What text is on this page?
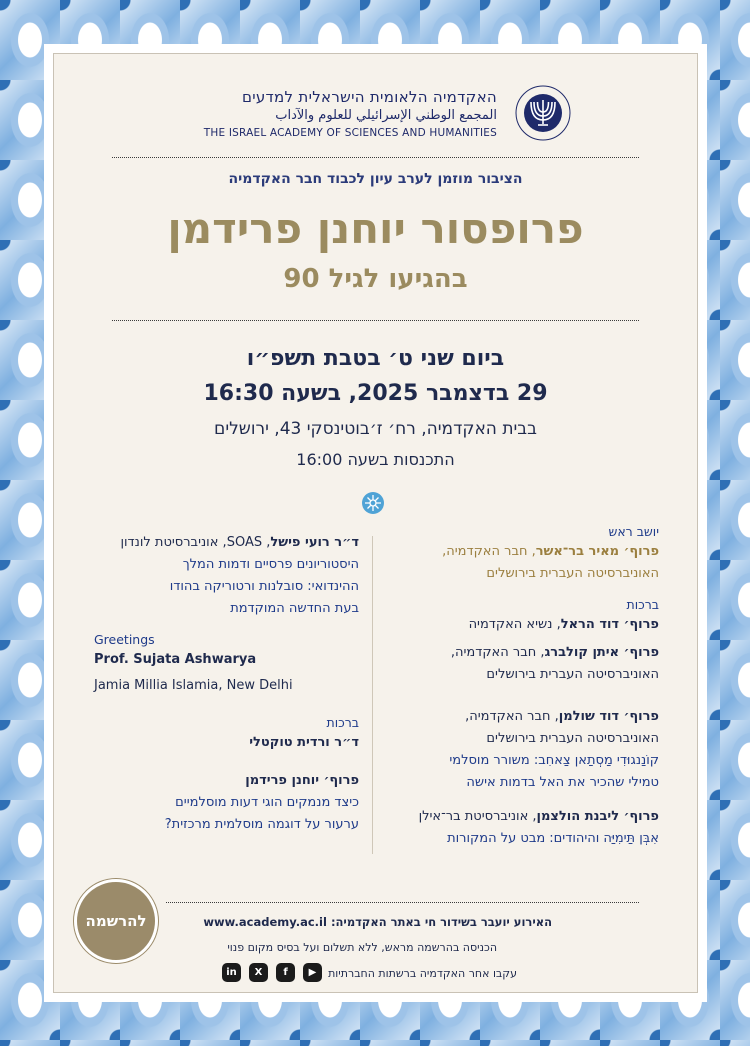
האקדמיה הלאומית הישראלית למדעים
المجمع الوطني الإسرائيلي للعلوم والآداب
THE ISRAEL ACADEMY OF SCIENCES AND HUMANITIES
הציבור מוזמן לערב עיון לכבוד חבר האקדמיה
פרופסור יוחנן פרידמן
בהגיעו לגיל 90
ביום שני ט׳ בטבת תשפ״ו
29 בדצמבר 2025, בשעה 16:30
בבית האקדמיה, רח׳ ז׳בוטינסקי 43, ירושלים
התכנסות בשעה 16:00
יושב ראש
פרוף׳ מאיר בר־אשר, חבר האקדמיה,
האוניברסיטה העברית בירושלים
ברכות
פרוף׳ דוד הראל, נשיא האקדמיה
פרוף׳ איתן קולברג, חבר האקדמיה,
האוניברסיטה העברית בירושלים
פרוף׳ דוד שולמן, חבר האקדמיה,
האוניברסיטה העברית בירושלים
קוֹנַנגוּדִי מַסְתַאן צַאחִב: משורר מוסלמי
טמילי שהכיר את האל בדמות אישה
פרוף׳ ליבנת הולצמן, אוניברסיטת בר־אילן
אִבְּן תַּימִיַּה והיהודים: מבט על המקורות
ד״ר רועי פישל, SOAS, אוניברסיטת לונדון
היסטוריונים פרסיים ודמות המלך
ההינדואי: סובלנות ורטוריקה בהודו
בעת החדשה המוקדמת
Greetings
Prof. Sujata Ashwarya
Jamia Millia Islamia, New Delhi
ברכות
ד״ר ורדית טוקטלי
פרוף׳ יוחנן פרידמן
כיצד מנמקים הוגי דעות מוסלמיים
ערעור על דוגמה מוסלמית מרכזית?
להרשמה	האירוע יועבר בשידור חי באתר האקדמיה: www.academy.ac.il
הכניסה בהרשמה מראש, ללא תשלום ועל בסיס מקום פנוי
עקבו אחר האקדמיה ברשתות החברתיות
in	X	f	▶
